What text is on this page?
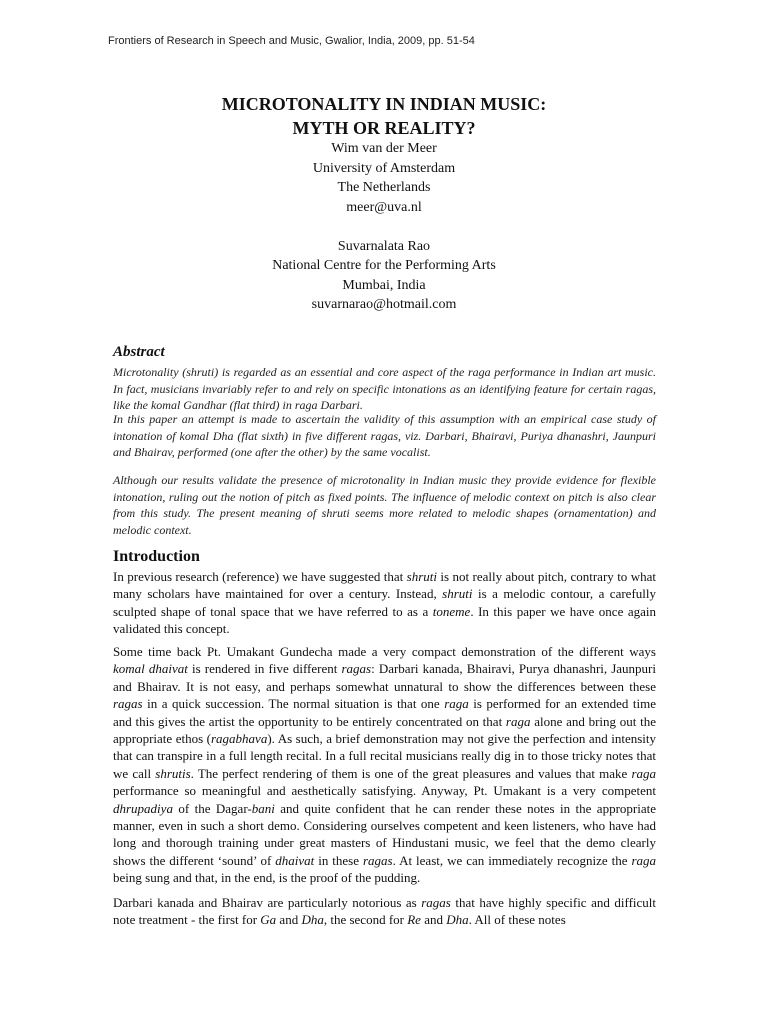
Frontiers of Research in Speech and Music, Gwalior, India, 2009, pp. 51-54
MICROTONALITY IN INDIAN MUSIC:
MYTH OR REALITY?
Wim van der Meer
University of Amsterdam
The Netherlands
meer@uva.nl
Suvarnalata Rao
National Centre for the Performing Arts
Mumbai, India
suvarnarao@hotmail.com
Abstract
Microtonality (shruti) is regarded as an essential and core aspect of the raga performance in Indian art music. In fact, musicians invariably refer to and rely on specific intonations as an identifying feature for certain ragas, like the komal Gandhar (flat third) in raga Darbari.
In this paper an attempt is made to ascertain the validity of this assumption with an empirical case study of intonation of komal Dha (flat sixth) in five different ragas, viz. Darbari, Bhairavi, Puriya dhanashri, Jaunpuri and Bhairav, performed (one after the other) by the same vocalist.
Although our results validate the presence of microtonality in Indian music they provide evidence for flexible intonation, ruling out the notion of pitch as fixed points. The influence of melodic context on pitch is also clear from this study. The present meaning of shruti seems more related to melodic shapes (ornamentation) and melodic context.
Introduction
In previous research (reference) we have suggested that shruti is not really about pitch, contrary to what many scholars have maintained for over a century. Instead, shruti is a melodic contour, a carefully sculpted shape of tonal space that we have referred to as a toneme. In this paper we have once again validated this concept.
Some time back Pt. Umakant Gundecha made a very compact demonstration of the different ways komal dhaivat is rendered in five different ragas: Darbari kanada, Bhairavi, Purya dhanashri, Jaunpuri and Bhairav. It is not easy, and perhaps somewhat unnatural to show the differences between these ragas in a quick succession. The normal situation is that one raga is performed for an extended time and this gives the artist the opportunity to be entirely concentrated on that raga alone and bring out the appropriate ethos (ragabhava). As such, a brief demonstration may not give the perfection and intensity that can transpire in a full length recital. In a full recital musicians really dig in to those tricky notes that we call shrutis. The perfect rendering of them is one of the great pleasures and values that make raga performance so meaningful and aesthetically satisfying. Anyway, Pt. Umakant is a very competent dhrupadiya of the Dagar-bani and quite confident that he can render these notes in the appropriate manner, even in such a short demo. Considering ourselves competent and keen listeners, who have had long and thorough training under great masters of Hindustani music, we feel that the demo clearly shows the different ‘sound’ of dhaivat in these ragas. At least, we can immediately recognize the raga being sung and that, in the end, is the proof of the pudding.
Darbari kanada and Bhairav are particularly notorious as ragas that have highly specific and difficult note treatment - the first for Ga and Dha, the second for Re and Dha. All of these notes
